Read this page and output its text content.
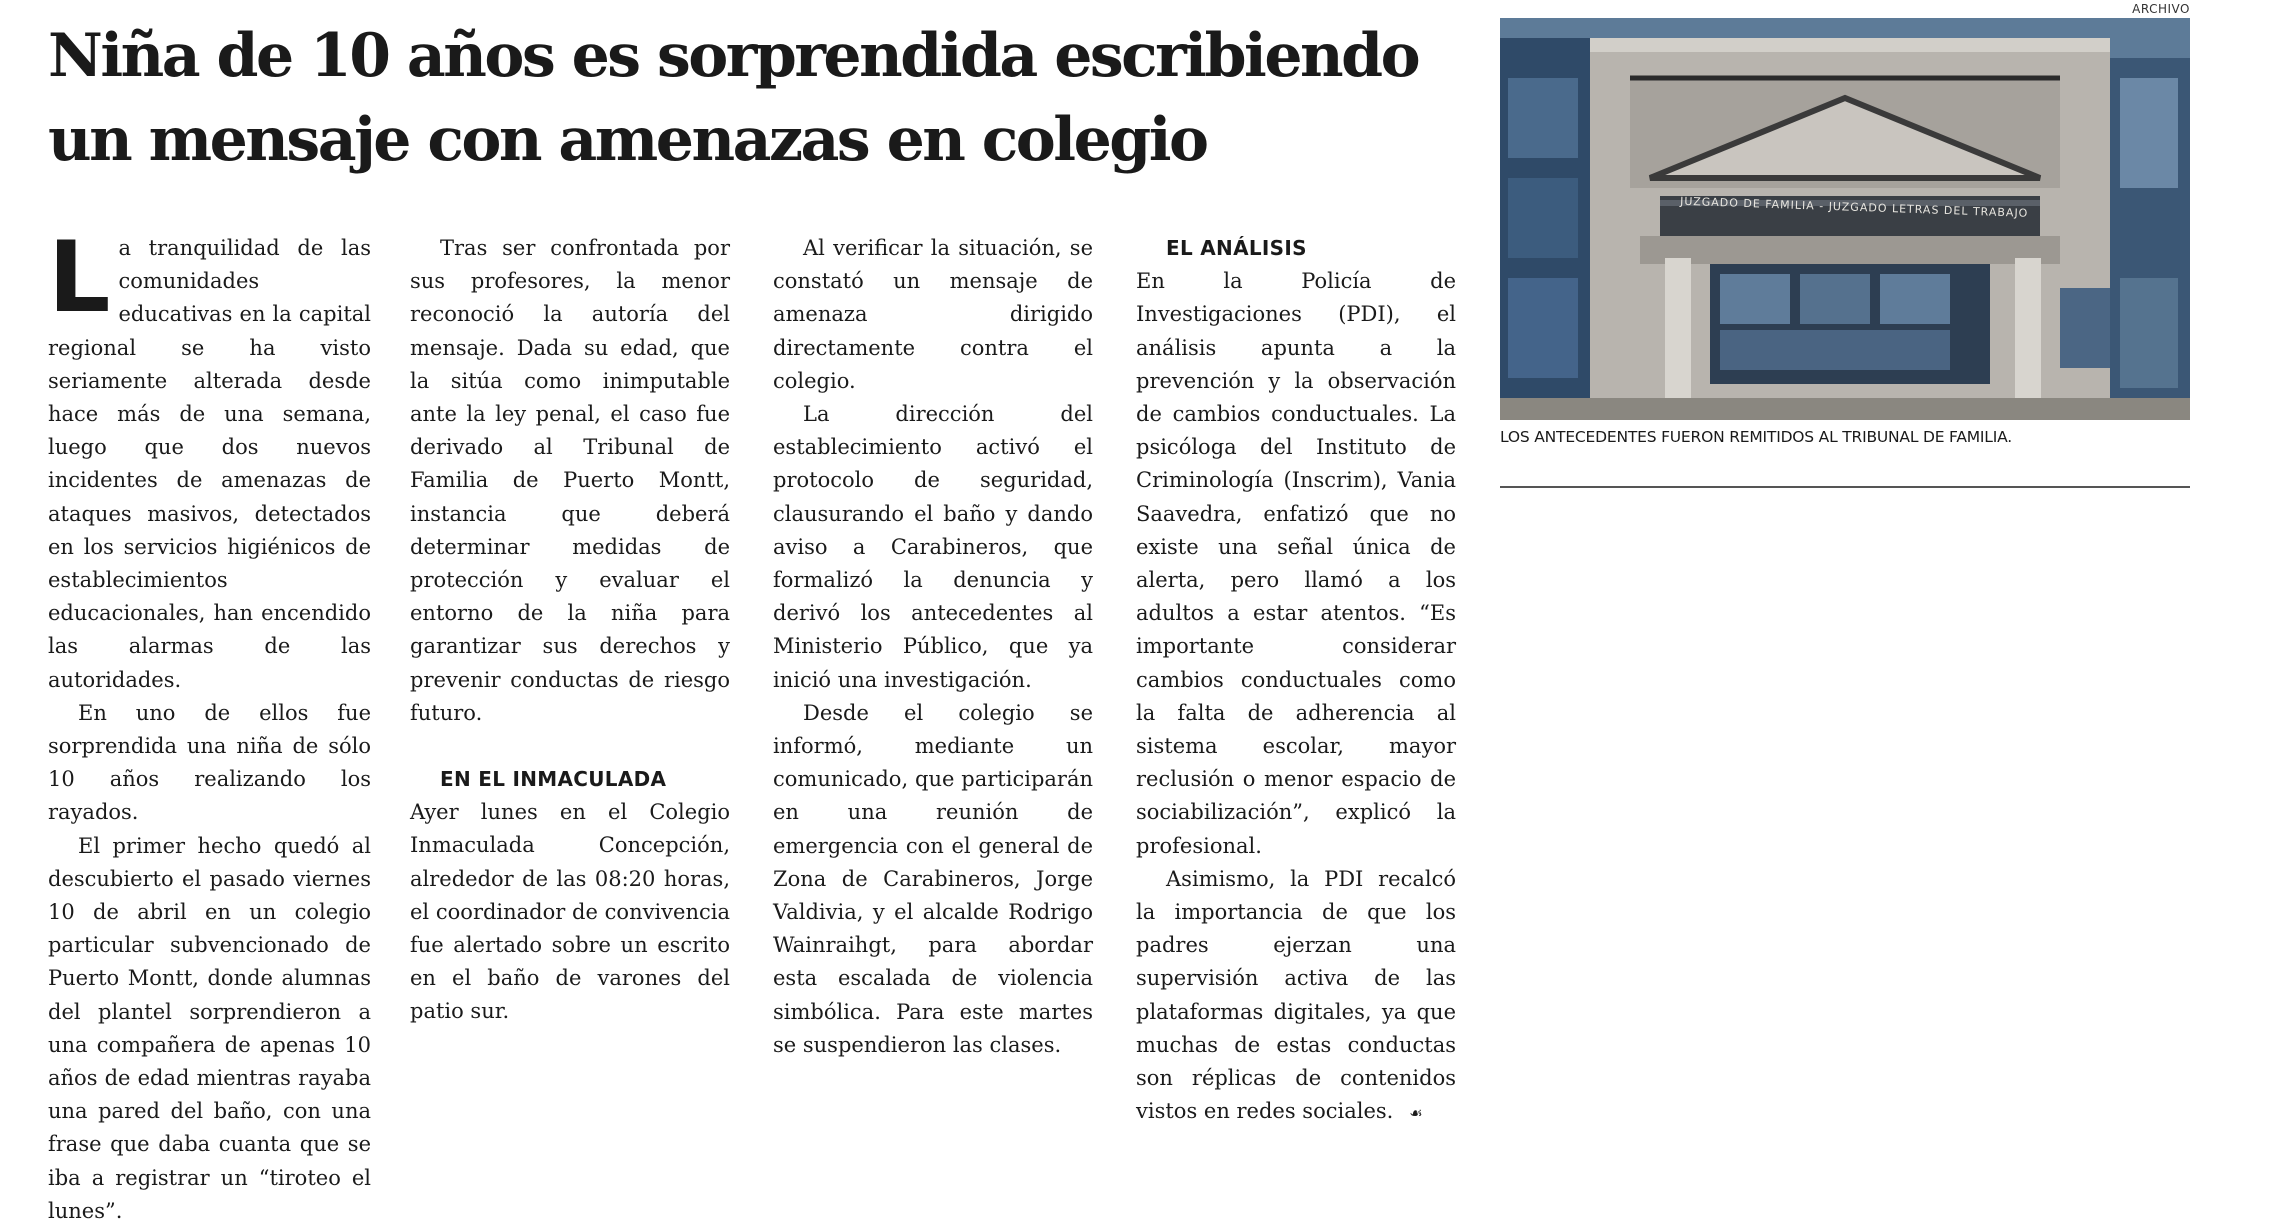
Niña de 10 años es sorprendida escribiendo un mensaje con amenazas en colegio
ARCHIVO
JUZGADO DE FAMILIA - JUZGADO LETRAS DEL TRABAJO
LOS ANTECEDENTES FUERON REMITIDOS AL TRIBUNAL DE FAMILIA.

La tranquilidad de las comunidades educativas en la capital regional se ha visto seriamente alterada desde hace más de una semana, luego que dos nuevos incidentes de amenazas de ataques masivos, detectados en los servicios higiénicos de establecimientos educacionales, han encendido las alarmas de las autoridades.

En uno de ellos fue sorprendida una niña de sólo 10 años realizando los rayados.

El primer hecho quedó al descubierto el pasado viernes 10 de abril en un colegio particular subvencionado de Puerto Montt, donde alumnas del plantel sorprendieron a una compañera de apenas 10 años de edad mientras rayaba una pared del baño, con una frase que daba cuanta que se iba a registrar un “tiroteo el lunes”.

Tras ser confrontada por sus profesores, la menor reconoció la autoría del mensaje. Dada su edad, que la sitúa como inimputable ante la ley penal, el caso fue derivado al Tribunal de Familia de Puerto Montt, instancia que deberá determinar medidas de protección y evaluar el entorno de la niña para garantizar sus derechos y prevenir conductas de riesgo futuro.

EN EL INMACULADA

Ayer lunes en el Colegio Inmaculada Concepción, alrededor de las 08:20 horas, el coordinador de convivencia fue alertado sobre un escrito en el baño de varones del patio sur.

Al verificar la situación, se constató un mensaje de amenaza dirigido directamente contra el colegio.

La dirección del establecimiento activó el protocolo de seguridad, clausurando el baño y dando aviso a Carabineros, que formalizó la denuncia y derivó los antecedentes al Ministerio Público, que ya inició una investigación.

Desde el colegio se informó, mediante un comunicado, que participarán en una reunión de emergencia con el general de Zona de Carabineros, Jorge Valdivia, y el alcalde Rodrigo Wainraihgt, para abordar esta escalada de violencia simbólica. Para este martes se suspendieron las clases.

EL ANÁLISIS

En la Policía de Investigaciones (PDI), el análisis apunta a la prevención y la observación de cambios conductuales. La psicóloga del Instituto de Criminología (Inscrim), Vania Saavedra, enfatizó que no existe una señal única de alerta, pero llamó a los adultos a estar atentos. “Es importante considerar cambios conductuales como la falta de adherencia al sistema escolar, mayor reclusión o menor espacio de sociabilización”, explicó la profesional.

Asimismo, la PDI recalcó la importancia de que los padres ejerzan una supervisión activa de las plataformas digitales, ya que muchas de estas conductas son réplicas de contenidos vistos en redes sociales. ☙
